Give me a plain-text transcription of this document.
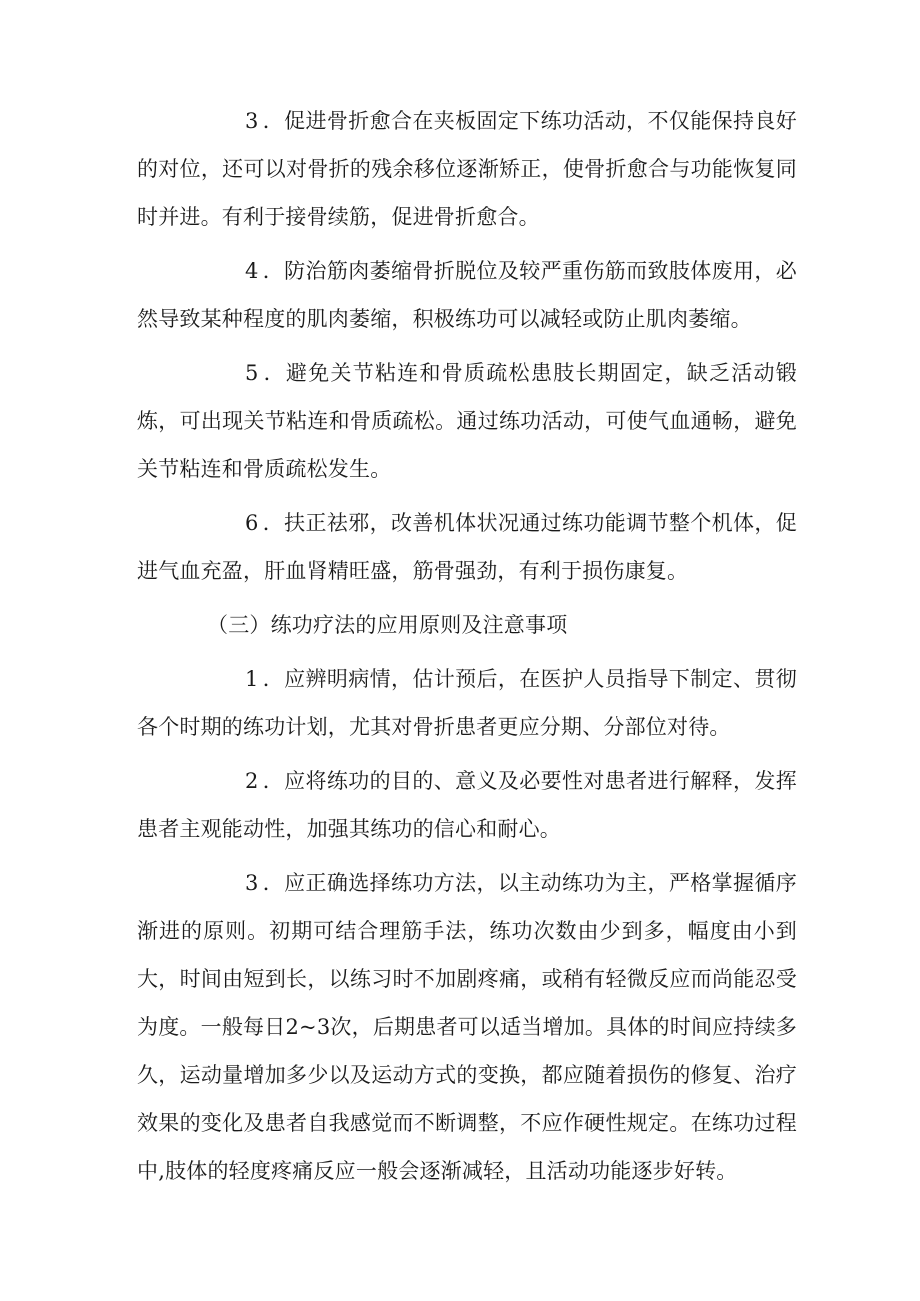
3 ．促进骨折愈合在夹板固定下练功活动，不仅能保持良好的对位，还可以对骨折的残余移位逐渐矫正，使骨折愈合与功能恢复同时并进。有利于接骨续筋，促进骨折愈合。

4 ．防治筋肉萎缩骨折脱位及较严重伤筋而致肢体废用，必然导致某种程度的肌肉萎缩，积极练功可以减轻或防止肌肉萎缩。

5 ．避免关节粘连和骨质疏松患肢长期固定，缺乏活动锻炼，可出现关节粘连和骨质疏松。通过练功活动，可使气血通畅，避免关节粘连和骨质疏松发生。

6 ．扶正祛邪，改善机体状况通过练功能调节整个机体，促进气血充盈，肝血肾精旺盛，筋骨强劲，有利于损伤康复。

（三）练功疗法的应用原则及注意事项

1 ．应辨明病情，估计预后，在医护人员指导下制定、贯彻各个时期的练功计划，尤其对骨折患者更应分期、分部位对待。

2 ．应将练功的目的、意义及必要性对患者进行解释，发挥患者主观能动性，加强其练功的信心和耐心。

3 ．应正确选择练功方法，以主动练功为主，严格掌握循序渐进的原则。初期可结合理筋手法，练功次数由少到多，幅度由小到大，时间由短到长，以练习时不加剧疼痛，或稍有轻微反应而尚能忍受为度。一般每日2~3次，后期患者可以适当增加。具体的时间应持续多久，运动量增加多少以及运动方式的变换，都应随着损伤的修复、治疗效果的变化及患者自我感觉而不断调整，不应作硬性规定。在练功过程中,肢体的轻度疼痛反应一般会逐渐减轻，且活动功能逐步好转。
